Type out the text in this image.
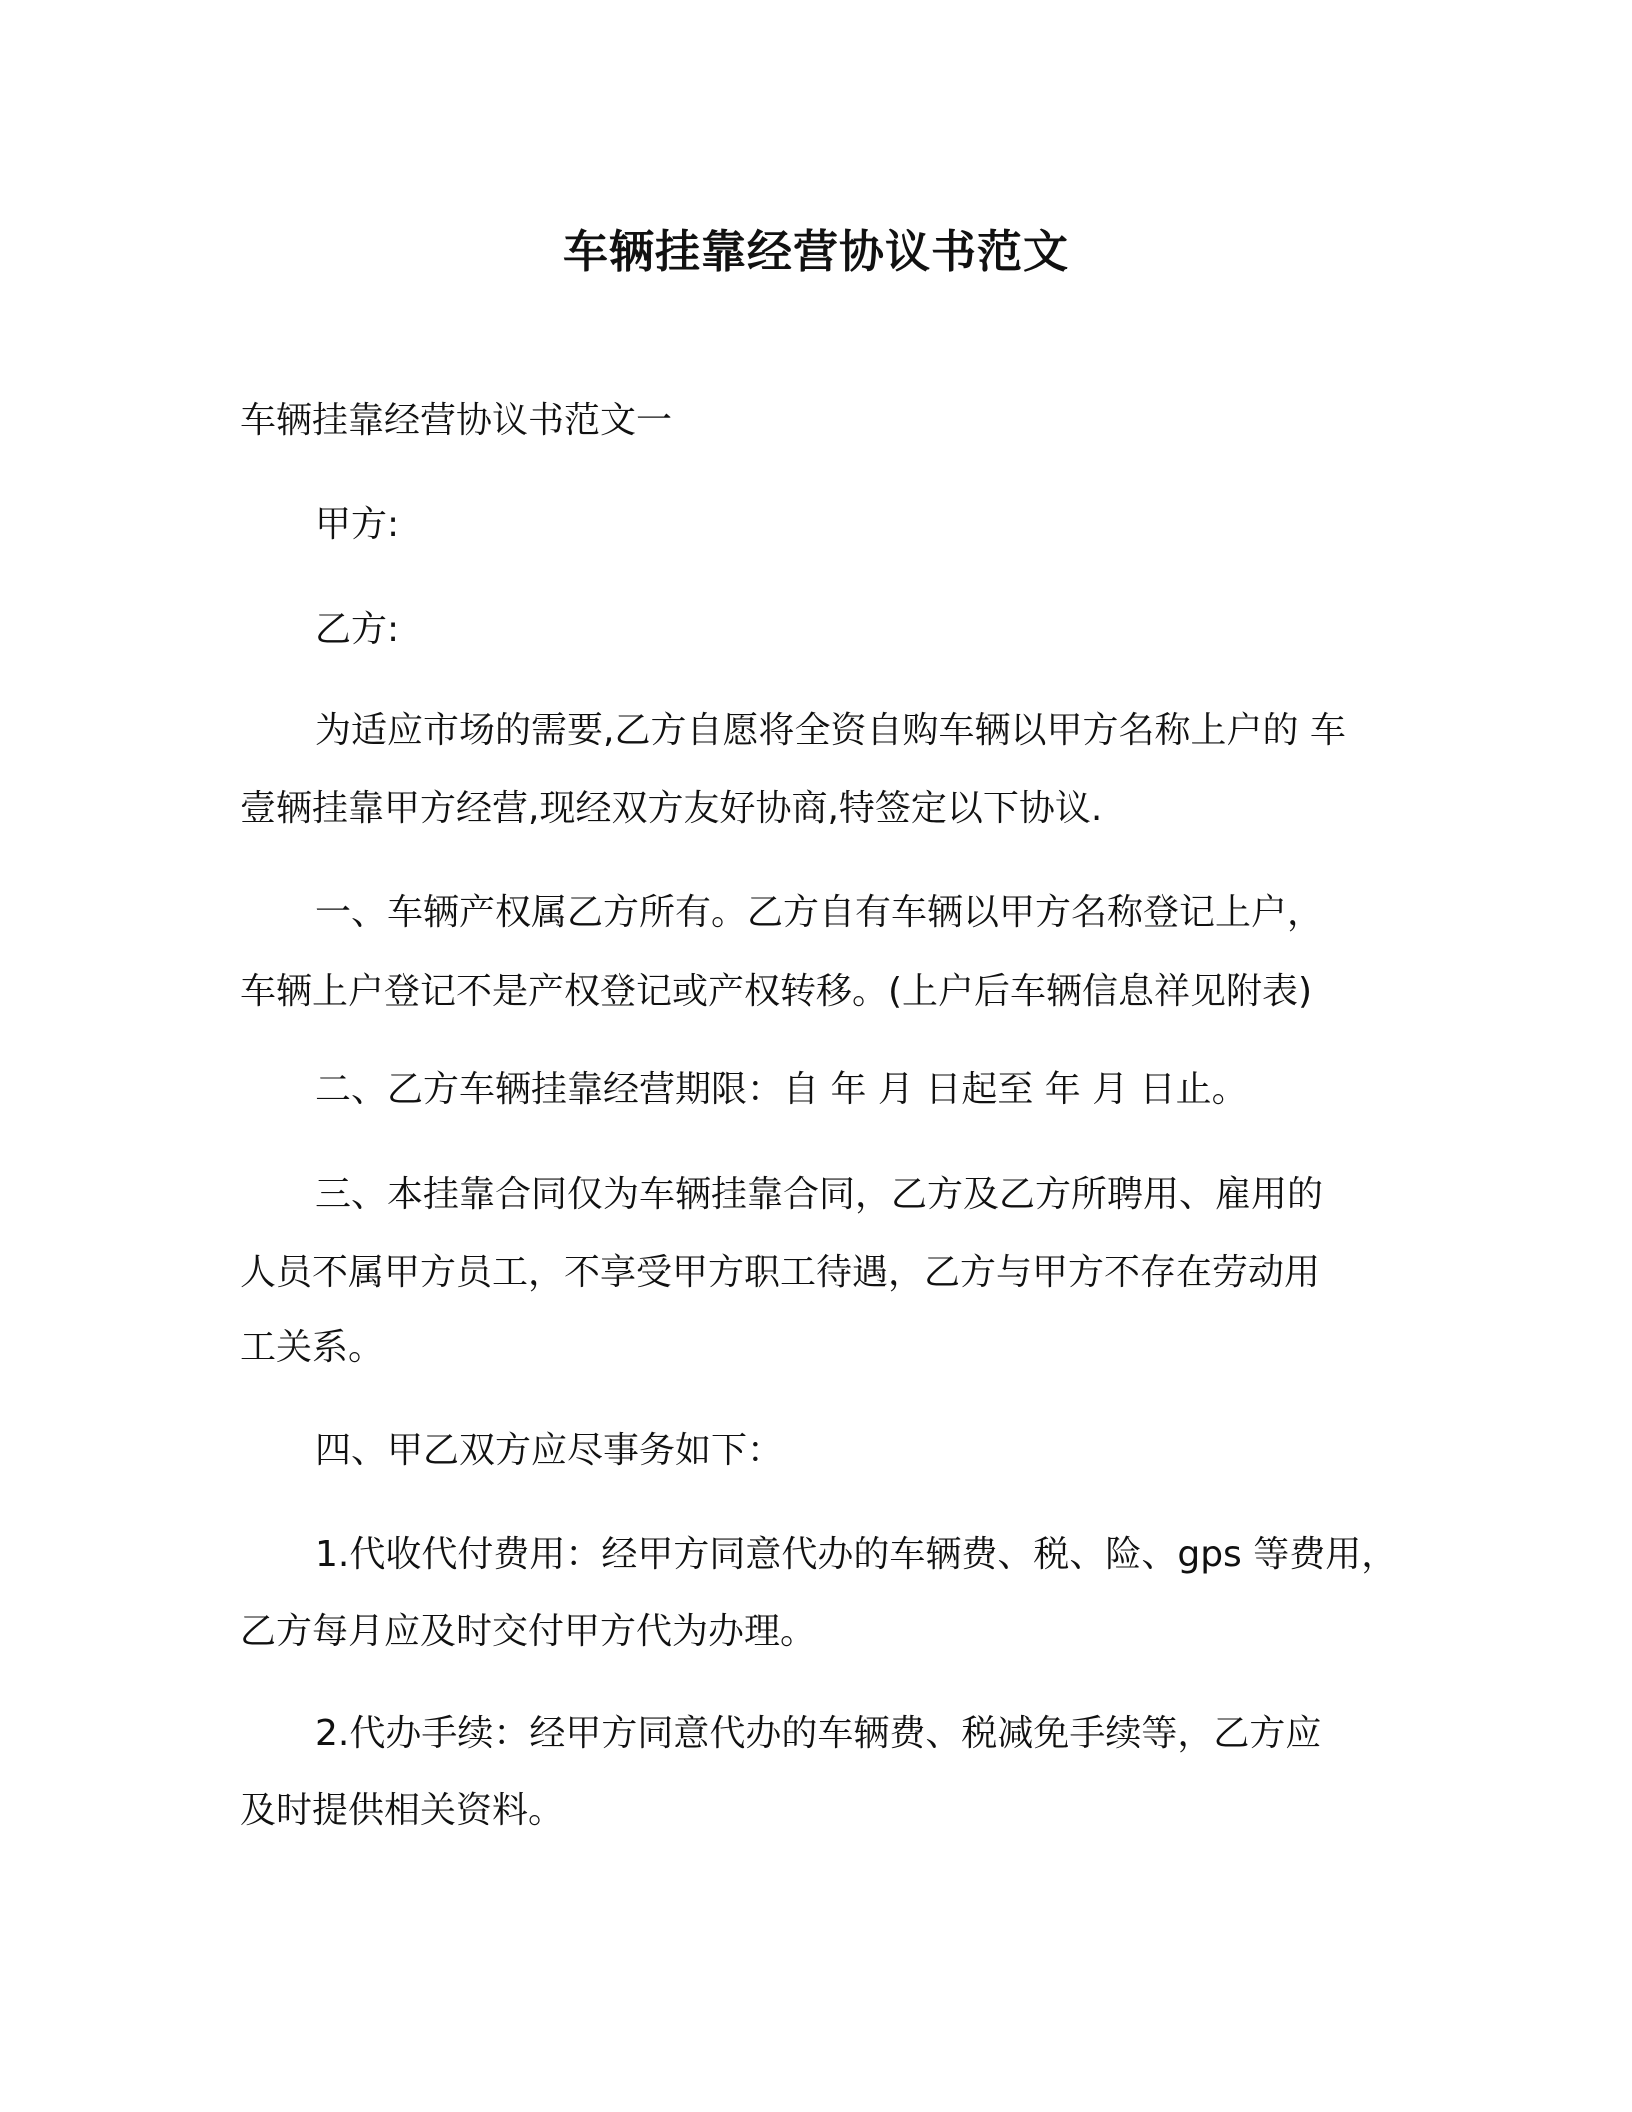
车辆挂靠经营协议书范文

车辆挂靠经营协议书范文一

甲方:

乙方:

为适应市场的需要,乙方自愿将全资自购车辆以甲方名称上户的 车

壹辆挂靠甲方经营,现经双方友好协商,特签定以下协议.

一、车辆产权属乙方所有。乙方自有车辆以甲方名称登记上户，

车辆上户登记不是产权登记或产权转移。(上户后车辆信息祥见附表)

二、乙方车辆挂靠经营期限：自 年 月 日起至 年 月 日止。

三、本挂靠合同仅为车辆挂靠合同，乙方及乙方所聘用、雇用的

人员不属甲方员工，不享受甲方职工待遇，乙方与甲方不存在劳动用

工关系。

四、甲乙双方应尽事务如下：

1.代收代付费用：经甲方同意代办的车辆费、税、险、gps 等费用，

乙方每月应及时交付甲方代为办理。

2.代办手续：经甲方同意代办的车辆费、税减免手续等，乙方应

及时提供相关资料。
